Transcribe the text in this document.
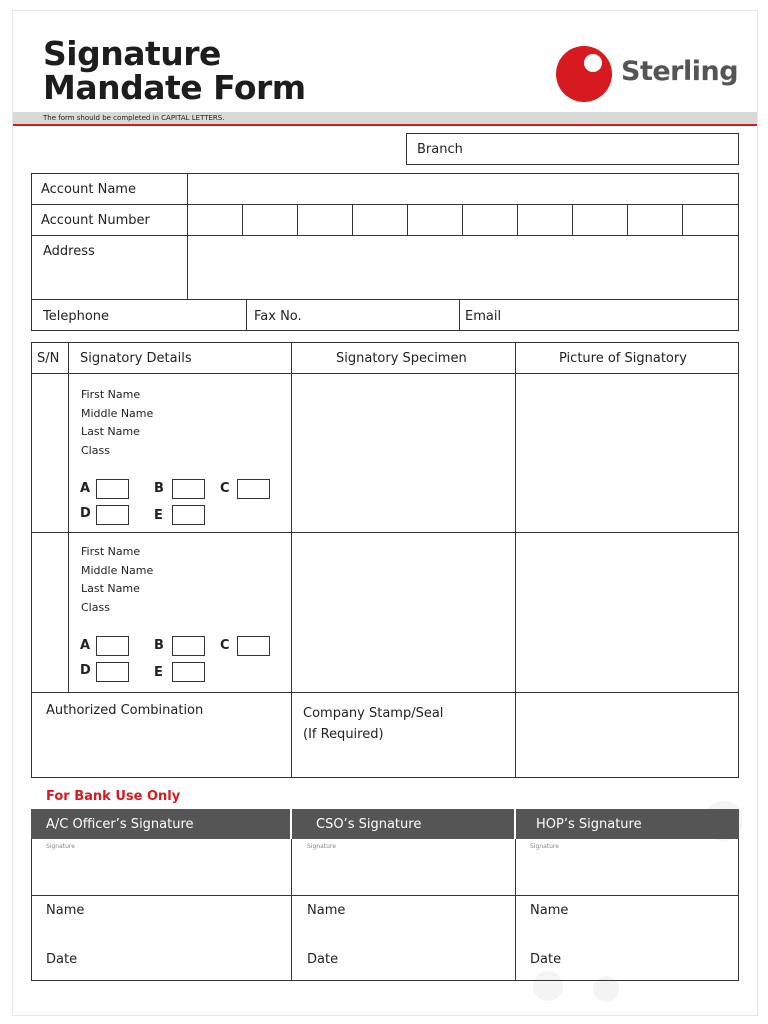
Signature
Mandate Form	Sterling
The form should be completed in CAPITAL LETTERS.
Branch
Account Name
Account Number
Address
Telephone	Fax No.	Email
S/N Signatory Details	Signatory Specimen	Picture of Signatory
First Name
Middle Name
Last Name
Class
A	B	C
D	E
First Name
Middle Name
Last Name
Class
A	B	C
D	E
Authorized Combination	Company Stamp/Seal
(If Required)
For Bank Use Only
A/C Officer’s Signature	CSO’s Signature	HOP’s Signature
Signature	Signature	Signature
Name	Name	Name
Date	Date	Date
